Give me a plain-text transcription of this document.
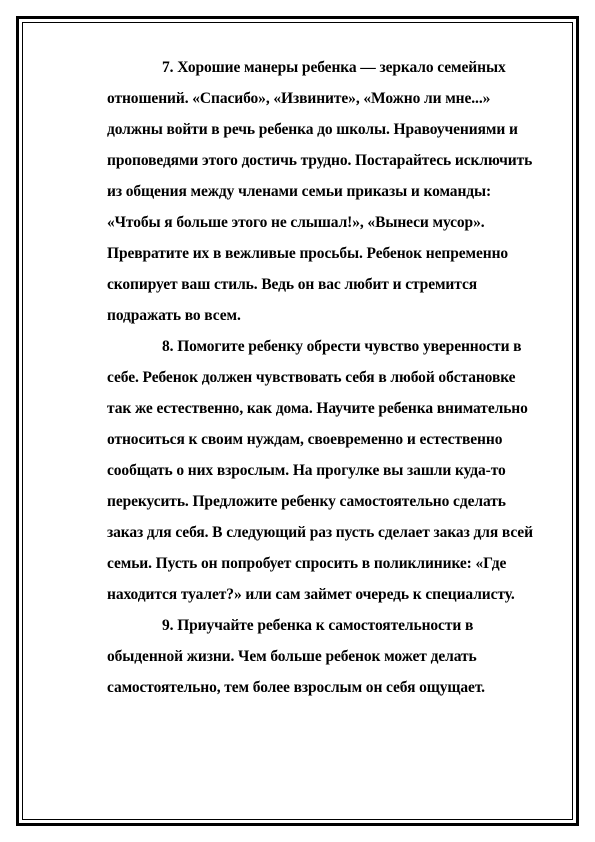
7. Хорошие манеры ребенка — зеркало семейных
отношений. «Спасибо», «Извините», «Можно ли мне...»
должны войти в речь ребенка до школы. Нравоучениями и
проповедями этого достичь трудно. Постарайтесь исключить
из общения между членами семьи приказы и команды:
«Чтобы я больше этого не слышал!», «Вынеси мусор».
Превратите их в вежливые просьбы. Ребенок непременно
скопирует ваш стиль. Ведь он вас любит и стремится
подражать во всем.
8. Помогите ребенку обрести чувство уверенности в
себе. Ребенок должен чувствовать себя в любой обстановке
так же естественно, как дома. Научите ребенка внимательно
относиться к своим нуждам, своевременно и естественно
сообщать о них взрослым. На прогулке вы зашли куда-то
перекусить. Предложите ребенку самостоятельно сделать
заказ для себя. В следующий раз пусть сделает заказ для всей
семьи. Пусть он попробует спросить в поликлинике: «Где
находится туалет?» или сам займет очередь к специалисту.
9. Приучайте ребенка к самостоятельности в
обыденной жизни. Чем больше ребенок может делать
самостоятельно, тем более взрослым он себя ощущает.
